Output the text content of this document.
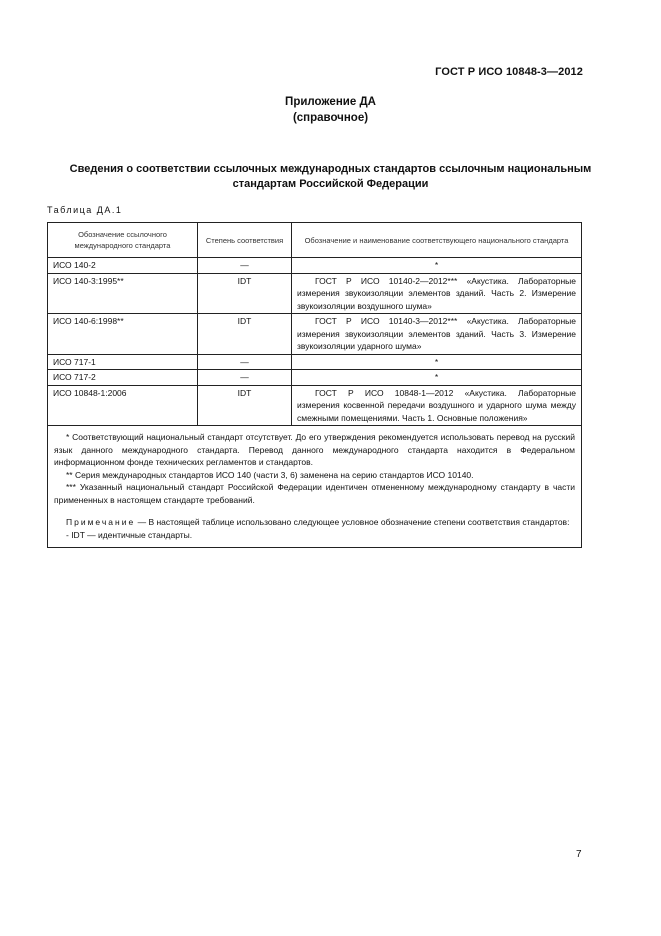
ГОСТ Р ИСО 10848-3—2012
Приложение ДА
(справочное)
Сведения о соответствии ссылочных международных стандартов ссылочным национальным
стандартам Российской Федерации
Таблица ДА.1
Обозначение ссылочного международного стандарта	Степень соответствия	Обозначение и наименование соответствующего национального стандарта
ИСО 140-2	—	*

ИСО 140-3:1995**	IDT	ГОСТ Р ИСО 10140-2—2012*** «Акустика. Лабораторные измерения звукоизоляции элементов зданий. Часть 2. Измерение звукоизоляции воздушного шума»
ИСО 140-6:1998**	IDT	ГОСТ Р ИСО 10140-3—2012*** «Акустика. Лабораторные измерения звукоизоляции элементов зданий. Часть 3. Измерение звукоизоляции ударного шума»
ИСО 717-1	—	*

ИСО 717-2	—	*

ИСО 10848-1:2006	IDT	ГОСТ Р ИСО 10848-1—2012 «Акустика. Лабораторные измерения косвенной передачи воздушного и ударного шума между смежными помещениями. Часть 1. Основные положения»

* Соответствующий национальный стандарт отсутствует. До его утверждения рекомендуется использовать перевод на русский язык данного международного стандарта. Перевод данного международного стандарта находится в Федеральном информационном фонде технических регламентов и стандартов.

** Серия международных стандартов ИСО 140 (части 3, 6) заменена на серию стандартов ИСО 10140.

*** Указанный национальный стандарт Российской Федерации идентичен отмененному международному стандарту в части примененных в настоящем стандарте требований.

Примечание — В настоящей таблице использовано следующее условное обозначение степени соответствия стандартов:

- IDT — идентичные стандарты.		

7
